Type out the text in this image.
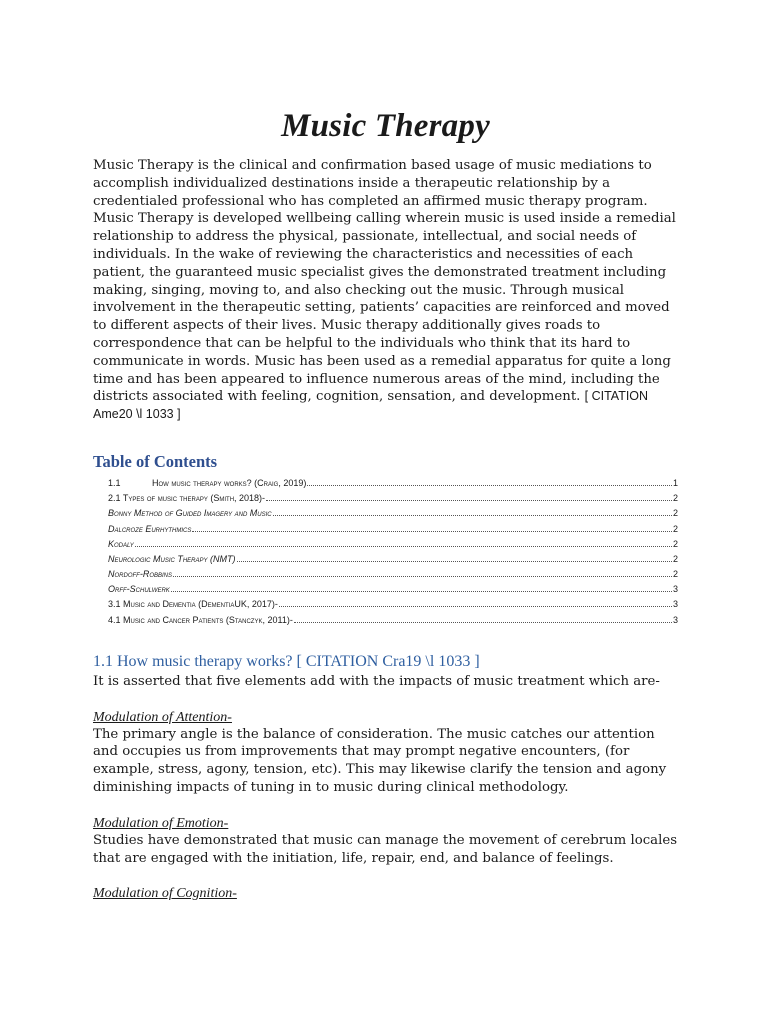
Music Therapy

Music Therapy is the clinical and confirmation based usage of music mediations to accomplish individualized destinations inside a therapeutic relationship by a credentialed professional who has completed an affirmed music therapy program. Music Therapy is developed wellbeing calling wherein music is used inside a remedial relationship to address the physical, passionate, intellectual, and social needs of individuals. In the wake of reviewing the characteristics and necessities of each patient, the guaranteed music specialist gives the demonstrated treatment including making, singing, moving to, and also checking out the music. Through musical involvement in the therapeutic setting, patients’ capacities are reinforced and moved to different aspects of their lives. Music therapy additionally gives roads to correspondence that can be helpful to the individuals who think that its hard to communicate in words. Music has been used as a remedial apparatus for quite a long time and has been appeared to influence numerous areas of the mind, including the districts associated with feeling, cognition, sensation, and development. [ CITATION Ame20 \l 1033 ]

Table of Contents
1.1	How music therapy works? (Craig, 2019)	1
2.1 Types of music therapy (Smith, 2018)-	2
Bonny Method of Guided Imagery and Music	2
Dalcroze Eurhythmics	2
Kodaly	2
Neurologic Music Therapy (NMT)	2
Nordoff-Robbins	2
Orff-Schulwerk	3
3.1 Music and Dementia (DementiaUK, 2017)-	3
4.1 Music and Cancer Patients (Stanczyk, 2011)-	3
1.1 How music therapy works? [ CITATION Cra19 \l 1033 ]

It is asserted that five elements add with the impacts of music treatment which are-

Modulation of Attention-

The primary angle is the balance of consideration. The music catches our attention and occupies us from improvements that may prompt negative encounters, (for example, stress, agony, tension, etc). This may likewise clarify the tension and agony diminishing impacts of tuning in to music during clinical methodology.

Modulation of Emotion-

Studies have demonstrated that music can manage the movement of cerebrum locales that are engaged with the initiation, life, repair, end, and balance of feelings.

Modulation of Cognition-
